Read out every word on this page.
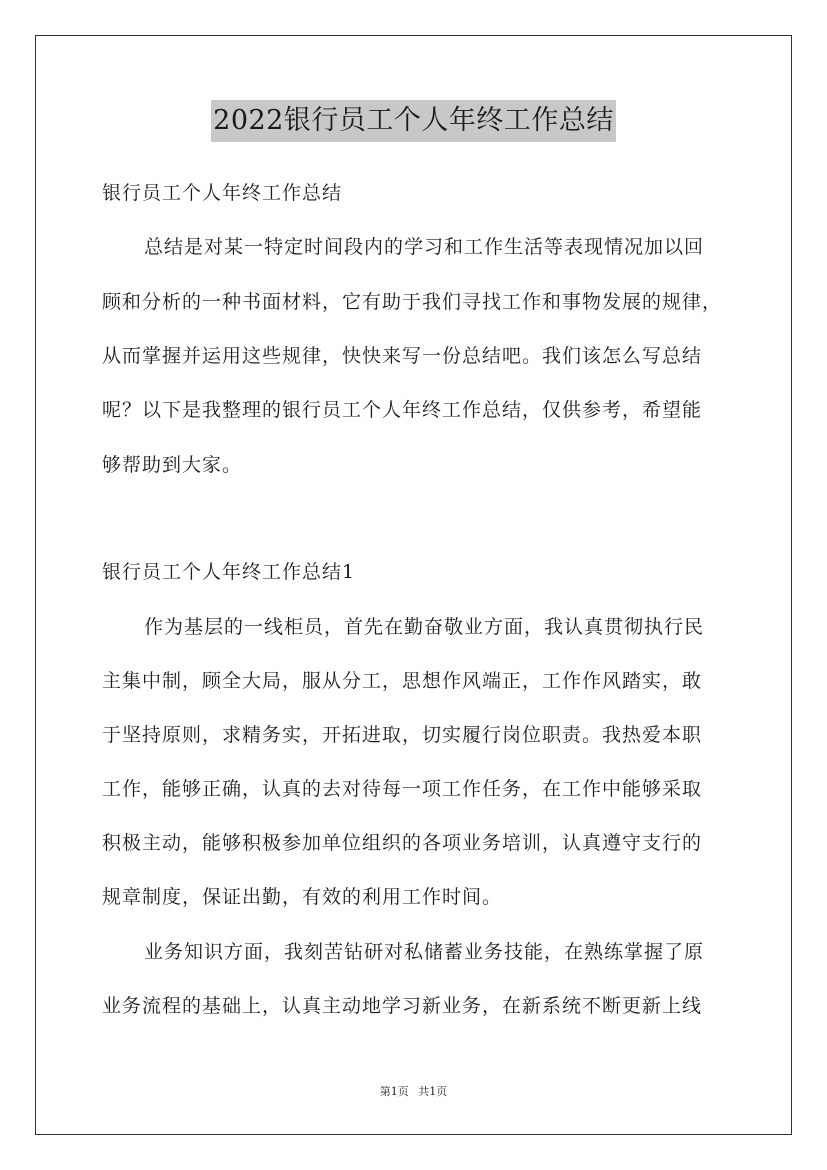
2022银行员工个人年终工作总结
银行员工个人年终工作总结
总结是对某一特定时间段内的学习和工作生活等表现情况加以回
顾和分析的一种书面材料，它有助于我们寻找工作和事物发展的规律，
从而掌握并运用这些规律，快快来写一份总结吧。我们该怎么写总结
呢？以下是我整理的银行员工个人年终工作总结，仅供参考，希望能
够帮助到大家。
银行员工个人年终工作总结1
作为基层的一线柜员，首先在勤奋敬业方面，我认真贯彻执行民
主集中制，顾全大局，服从分工，思想作风端正，工作作风踏实，敢
于坚持原则，求精务实，开拓进取，切实履行岗位职责。我热爱本职
工作，能够正确，认真的去对待每一项工作任务，在工作中能够采取
积极主动，能够积极参加单位组织的各项业务培训，认真遵守支行的
规章制度，保证出勤，有效的利用工作时间。
业务知识方面，我刻苦钻研对私储蓄业务技能，在熟练掌握了原
业务流程的基础上，认真主动地学习新业务，在新系统不断更新上线
第1页 共1页
